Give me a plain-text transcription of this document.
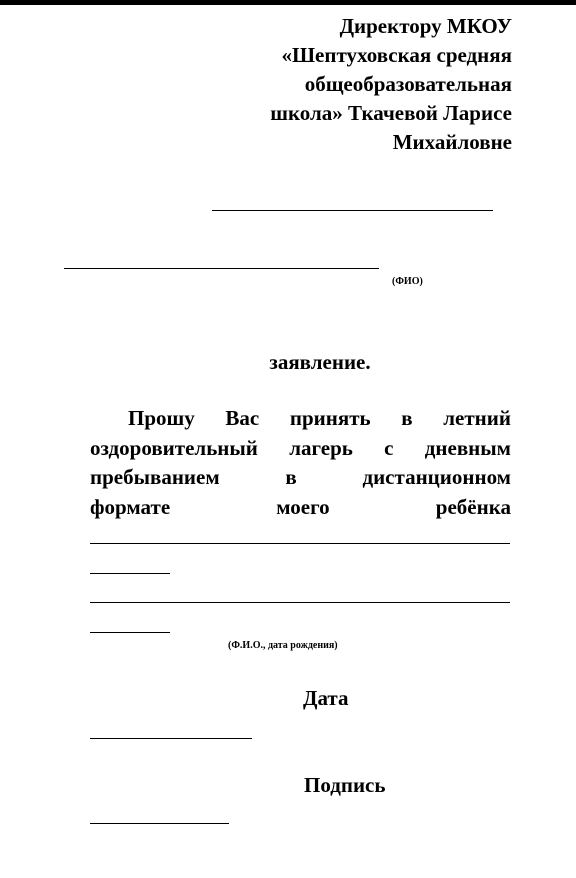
Директору МКОУ
«Шептуховская средняя
общеобразовательная
школа» Ткачевой Ларисе
Михайловне
(ФИО)
заявление.
Прошу Вас принять в летний
оздоровительный лагерь с дневным
пребыванием	в	дистанционном
формате	моего	ребёнка
(Ф.И.О., дата рождения)
Дата
Подпись
